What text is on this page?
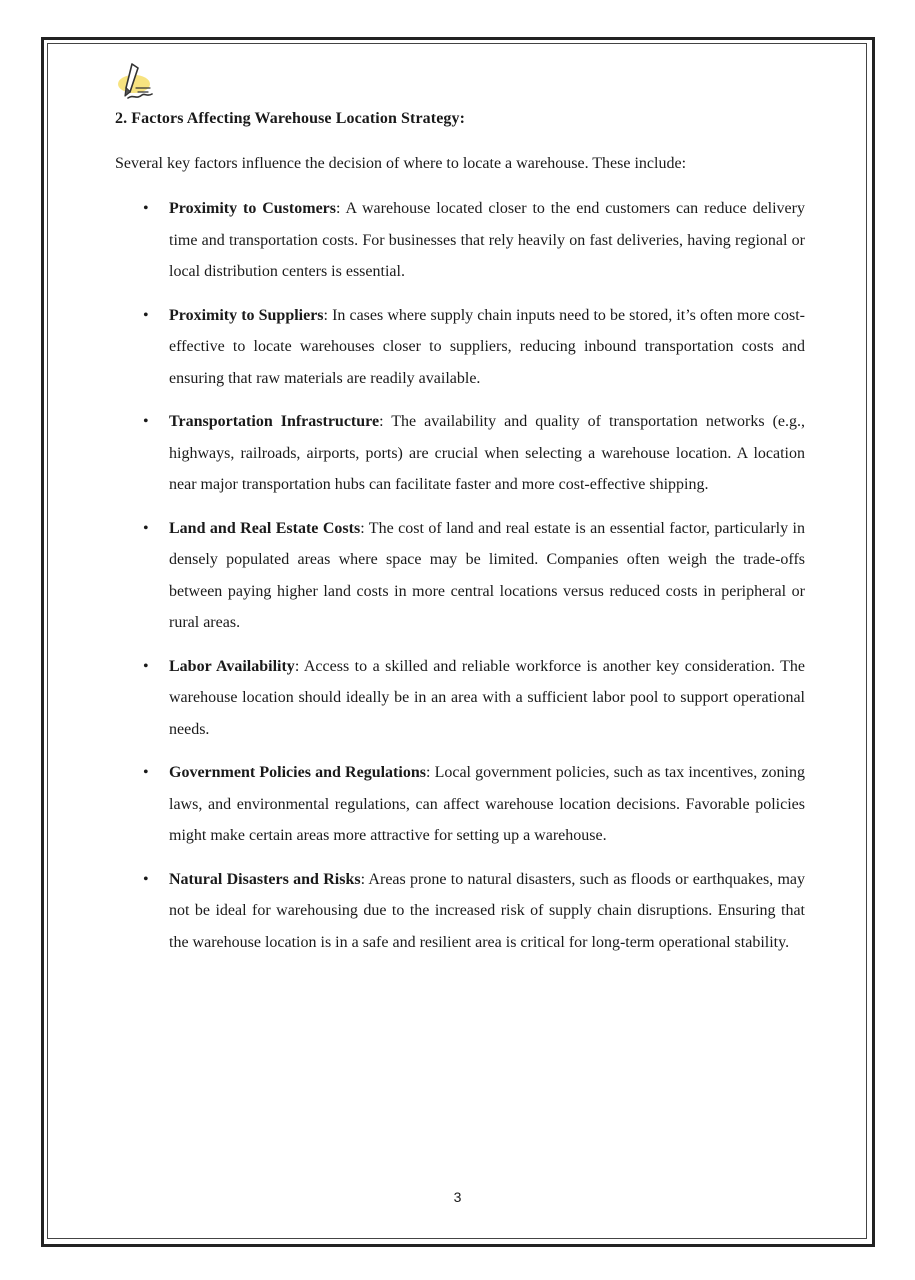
2. Factors Affecting Warehouse Location Strategy:
Several key factors influence the decision of where to locate a warehouse. These include:
• Proximity to Customers: A warehouse located closer to the end customers can reduce delivery time and transportation costs. For businesses that rely heavily on fast deliveries, having regional or local distribution centers is essential.
• Proximity to Suppliers: In cases where supply chain inputs need to be stored, it’s often more cost-effective to locate warehouses closer to suppliers, reducing inbound transportation costs and ensuring that raw materials are readily available.
• Transportation Infrastructure: The availability and quality of transportation networks (e.g., highways, railroads, airports, ports) are crucial when selecting a warehouse location. A location near major transportation hubs can facilitate faster and more cost-effective shipping.
• Land and Real Estate Costs: The cost of land and real estate is an essential factor, particularly in densely populated areas where space may be limited. Companies often weigh the trade-offs between paying higher land costs in more central locations versus reduced costs in peripheral or rural areas.
• Labor Availability: Access to a skilled and reliable workforce is another key consideration. The warehouse location should ideally be in an area with a sufficient labor pool to support operational needs.
• Government Policies and Regulations: Local government policies, such as tax incentives, zoning laws, and environmental regulations, can affect warehouse location decisions. Favorable policies might make certain areas more attractive for setting up a warehouse.
• Natural Disasters and Risks: Areas prone to natural disasters, such as floods or earthquakes, may not be ideal for warehousing due to the increased risk of supply chain disruptions. Ensuring that the warehouse location is in a safe and resilient area is critical for long-term operational stability.
3
